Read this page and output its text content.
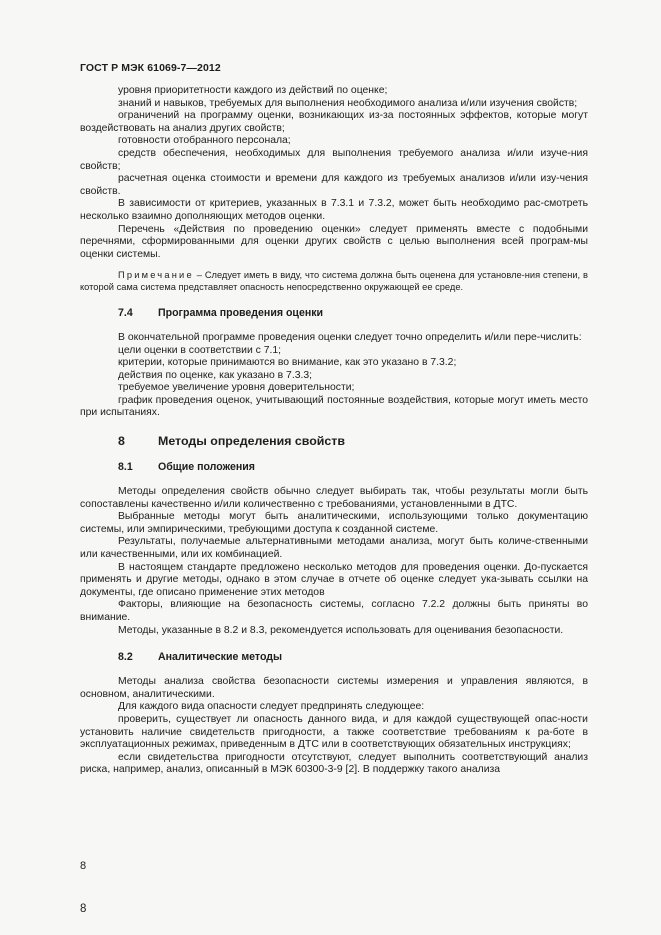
ГОСТ Р МЭК 61069-7—2012

уровня приоритетности каждого из действий по оценке;

знаний и навыков, требуемых для выполнения необходимого анализа и/или изучения свойств;

ограничений на программу оценки, возникающих из-за постоянных эффектов, которые могут воздействовать на анализ других свойств;

готовности отобранного персонала;

средств обеспечения, необходимых для выполнения требуемого анализа и/или изуче-ния свойств;

расчетная оценка стоимости и времени для каждого из требуемых анализов и/или изу-чения свойств.

В зависимости от критериев, указанных в 7.3.1 и 7.3.2, может быть необходимо рас-смотреть несколько взаимно дополняющих методов оценки.

Перечень «Действия по проведению оценки» следует применять вместе с подобными перечнями, сформированными для оценки других свойств с целью выполнения всей програм-мы оценки системы.

Примечание – Следует иметь в виду, что система должна быть оценена для установле-ния степени, в которой сама система представляет опасность непосредственно окружающей ее среде.

7.4 Программа проведения оценки

В окончательной программе проведения оценки следует точно определить и/или пере-числить:

цели оценки в соответствии с 7.1;

критерии, которые принимаются во внимание, как это указано в 7.3.2;

действия по оценке, как указано в 7.3.3;

требуемое увеличение уровня доверительности;

график проведения оценок, учитывающий постоянные воздействия, которые могут иметь место при испытаниях.

8	Методы определения свойств
8.1 Общие положения

Методы определения свойств обычно следует выбирать так, чтобы результаты могли быть сопоставлены качественно и/или количественно с требованиями, установленными в ДТС.

Выбранные методы могут быть аналитическими, использующими только документацию системы, или эмпирическими, требующими доступа к созданной системе.

Результаты, получаемые альтернативными методами анализа, могут быть количе-ственными или качественными, или их комбинацией.

В настоящем стандарте предложено несколько методов для проведения оценки. До-пускается применять и другие методы, однако в этом случае в отчете об оценке следует ука-зывать ссылки на документы, где описано применение этих методов

Факторы, влияющие на безопасность системы, согласно 7.2.2 должны быть приняты во внимание.

Методы, указанные в 8.2 и 8.3, рекомендуется использовать для оценивания безопасности.

8.2 Аналитические методы

Методы анализа свойства безопасности системы измерения и управления являются, в основном, аналитическими.

Для каждого вида опасности следует предпринять следующее:

проверить, существует ли опасность данного вида, и для каждой существующей опас-ности установить наличие свидетельств пригодности, а также соответствие требованиям к ра-боте в эксплуатационных режимах, приведенным в ДТС или в соответствующих обязательных инструкциях;

если свидетельства пригодности отсутствуют, следует выполнить соответствующий анализ риска, например, анализ, описанный в МЭК 60300-3-9 [2]. В поддержку такого анализа

8
8
